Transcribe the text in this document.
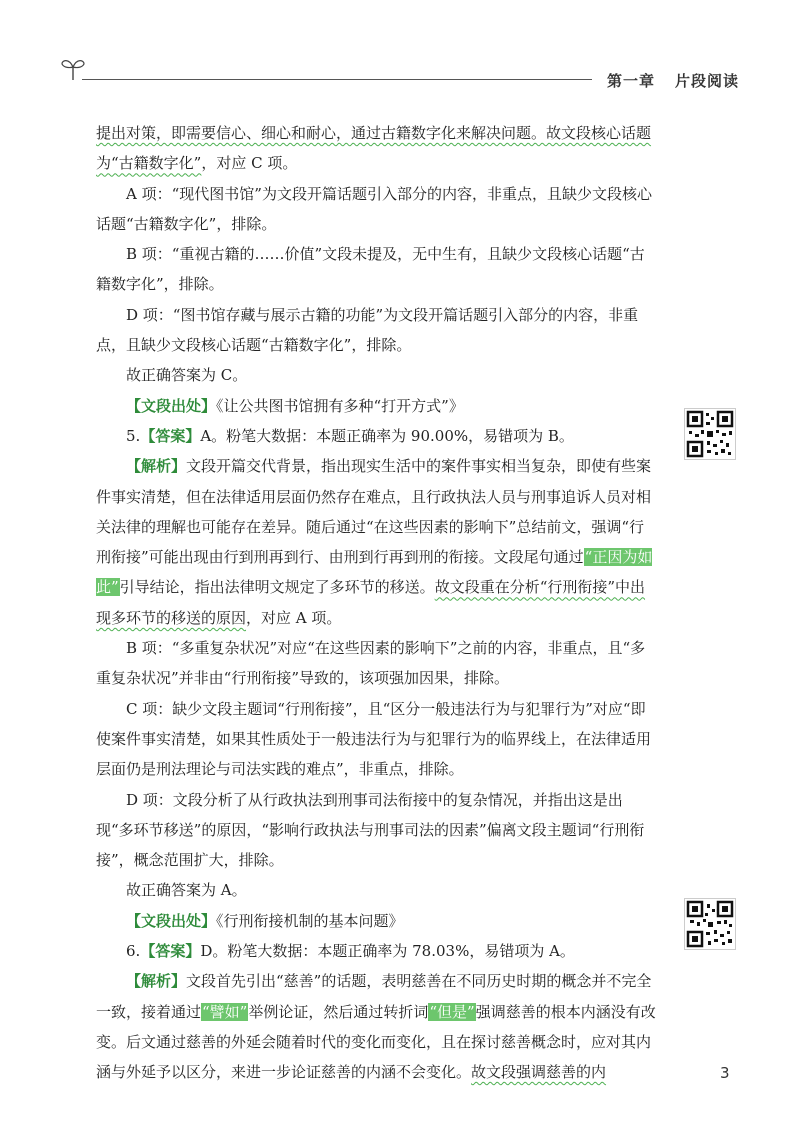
第一章 片段阅读

提出对策，即需要信心、细心和耐心，通过古籍数字化来解决问题。故文段核心话题为“古籍数字化”，对应 C 项。

A 项：“现代图书馆”为文段开篇话题引入部分的内容，非重点，且缺少文段核心话题“古籍数字化”，排除。

B 项：“重视古籍的……价值”文段未提及，无中生有，且缺少文段核心话题“古籍数字化”，排除。

D 项：“图书馆存藏与展示古籍的功能”为文段开篇话题引入部分的内容，非重点，且缺少文段核心话题“古籍数字化”，排除。

故正确答案为 C。

【文段出处】《让公共图书馆拥有多种“打开方式”》

5.【答案】A。粉笔大数据：本题正确率为 90.00%，易错项为 B。

【解析】文段开篇交代背景，指出现实生活中的案件事实相当复杂，即使有些案件事实清楚，但在法律适用层面仍然存在难点，且行政执法人员与刑事追诉人员对相关法律的理解也可能存在差异。随后通过“在这些因素的影响下”总结前文，强调“行刑衔接”可能出现由行到刑再到行、由刑到行再到刑的衔接。文段尾句通过“正因为如此”引导结论，指出法律明文规定了多环节的移送。故文段重在分析“行刑衔接”中出现多环节的移送的原因，对应 A 项。

B 项：“多重复杂状况”对应“在这些因素的影响下”之前的内容，非重点，且“多重复杂状况”并非由“行刑衔接”导致的，该项强加因果，排除。

C 项：缺少文段主题词“行刑衔接”，且“区分一般违法行为与犯罪行为”对应“即使案件事实清楚，如果其性质处于一般违法行为与犯罪行为的临界线上，在法律适用层面仍是刑法理论与司法实践的难点”，非重点，排除。

D 项：文段分析了从行政执法到刑事司法衔接中的复杂情况，并指出这是出现“多环节移送”的原因，“影响行政执法与刑事司法的因素”偏离文段主题词“行刑衔接”，概念范围扩大，排除。

故正确答案为 A。

【文段出处】《行刑衔接机制的基本问题》

6.【答案】D。粉笔大数据：本题正确率为 78.03%，易错项为 A。

【解析】文段首先引出“慈善”的话题，表明慈善在不同历史时期的概念并不完全一致，接着通过“譬如”举例论证，然后通过转折词“但是”强调慈善的根本内涵没有改变。后文通过慈善的外延会随着时代的变化而变化，且在探讨慈善概念时，应对其内涵与外延予以区分，来进一步论证慈善的内涵不会变化。故文段强调慈善的内	3
